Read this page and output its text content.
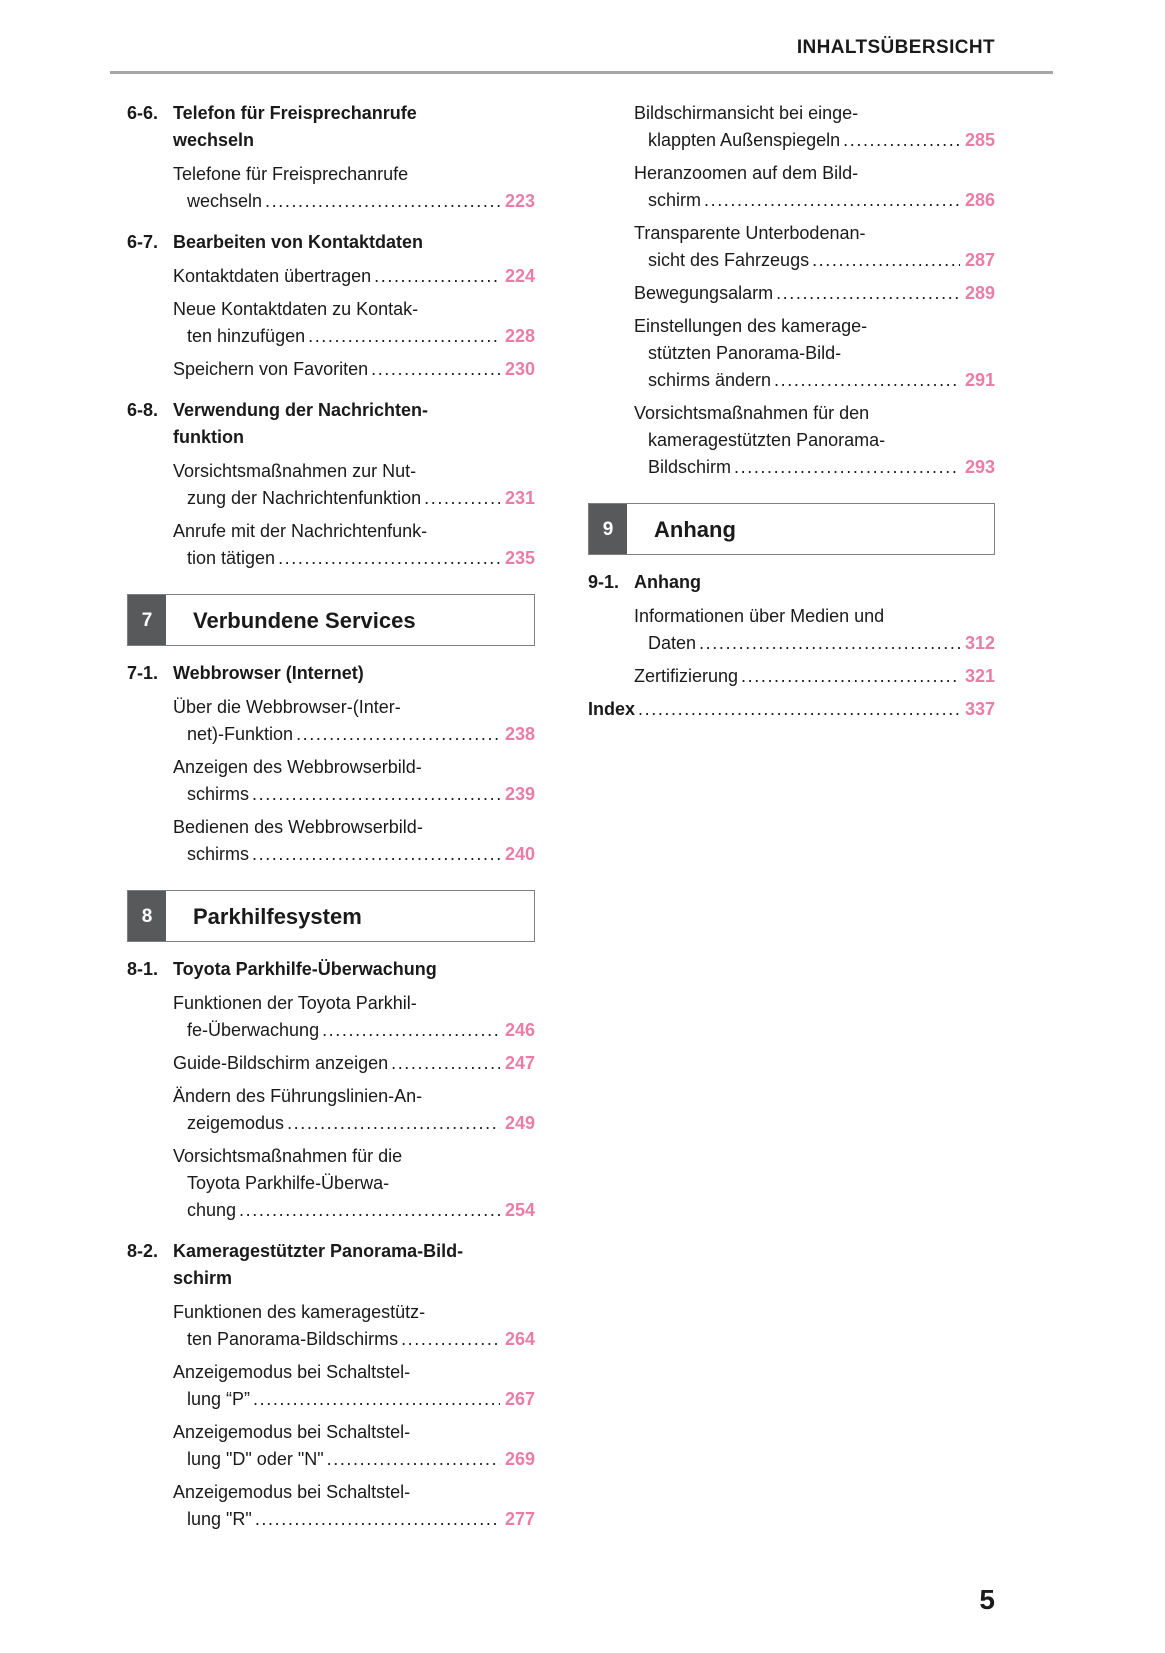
INHALTSÜBERSICHT
6-6. Telefon für Freisprechanrufe
wechseln
Telefone für Freisprechanrufe
wechseln .....	223
6-7. Bearbeiten von Kontaktdaten
Kontaktdaten übertragen .....	224
Neue Kontaktdaten zu Kontak-
ten hinzufügen .....	228
Speichern von Favoriten .....	230
6-8. Verwendung der Nachrichten-
funktion
Vorsichtsmaßnahmen zur Nut-
zung der Nachrichtenfunktion .....	231
Anrufe mit der Nachrichtenfunk-
tion tätigen .....	235
7	Verbundene Services
7-1. Webbrowser (Internet)
Über die Webbrowser-(Inter-
net)-Funktion .....	238
Anzeigen des Webbrowserbild-
schirms .....	239
Bedienen des Webbrowserbild-
schirms .....	240
8	Parkhilfesystem
8-1. Toyota Parkhilfe-Überwachung
Funktionen der Toyota Parkhil-
fe-Überwachung .....	246
Guide-Bildschirm anzeigen .....	247
Ändern des Führungslinien-An-
zeigemodus .....	249
Vorsichtsmaßnahmen für die
Toyota Parkhilfe-Überwa-
chung .....	254
8-2. Kameragestützter Panorama-Bild-
schirm
Funktionen des kameragestütz-
ten Panorama-Bildschirms .....	264
Anzeigemodus bei Schaltstel-
lung “P” .....	267
Anzeigemodus bei Schaltstel-
lung "D" oder "N" .....	269
Anzeigemodus bei Schaltstel-
lung "R" .....	277
Bildschirmansicht bei einge-
klappten Außenspiegeln .....	285
Heranzoomen auf dem Bild-
schirm .....	286
Transparente Unterbodenan-
sicht des Fahrzeugs .....	287
Bewegungsalarm .....	289
Einstellungen des kamerage-
stützten Panorama-Bild-
schirms ändern .....	291
Vorsichtsmaßnahmen für den
kameragestützten Panorama-
Bildschirm .....	293
9	Anhang
9-1. Anhang
Informationen über Medien und
Daten .....	312
Zertifizierung .....	321
Index .....	337
5
